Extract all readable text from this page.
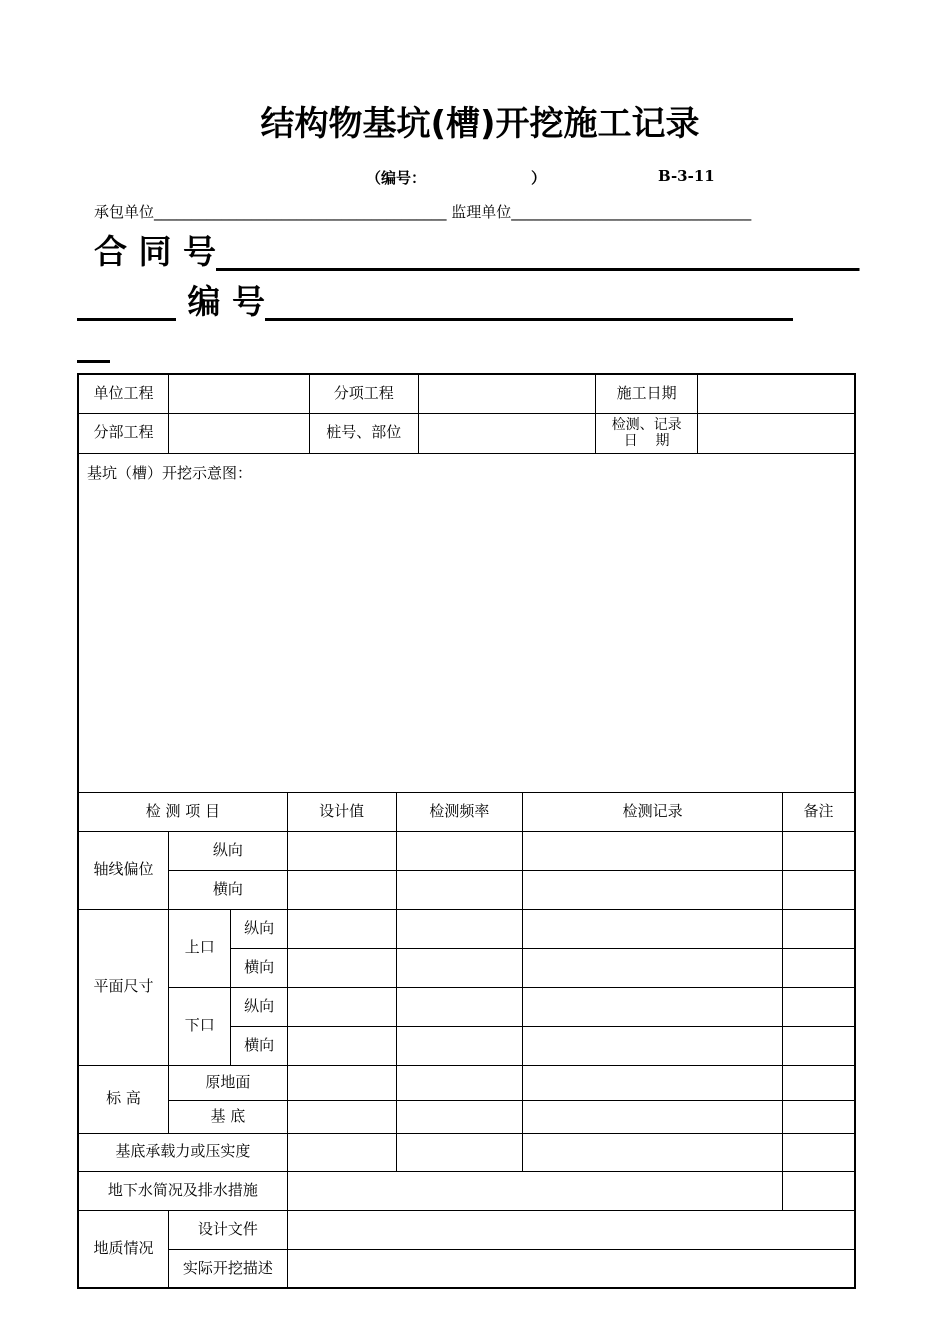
结构物基坑(槽)开挖施工记录
（编号：	）	B-3-11
承包单位_______________________________________ 监理单位________________________________
合 同 号_______________________________________
______ 编 号________________________________
__
单位工程				分项工程				施工日期		
分部工程				桩号、部位				检测、记录
日    期		

基坑（槽）开挖示意图：										
检 测 项 目			设计值		检测频率		检测记录			备注
轴线偏位	纵向									
	横向									
平面尺寸	上口	纵向								
		横向								
	下口	纵向								
		横向								
标 高	原地面									
	基 底									
基底承载力或压实度										
地下水简况及排水措施										
地质情况	设计文件									
	实际开挖描述									
